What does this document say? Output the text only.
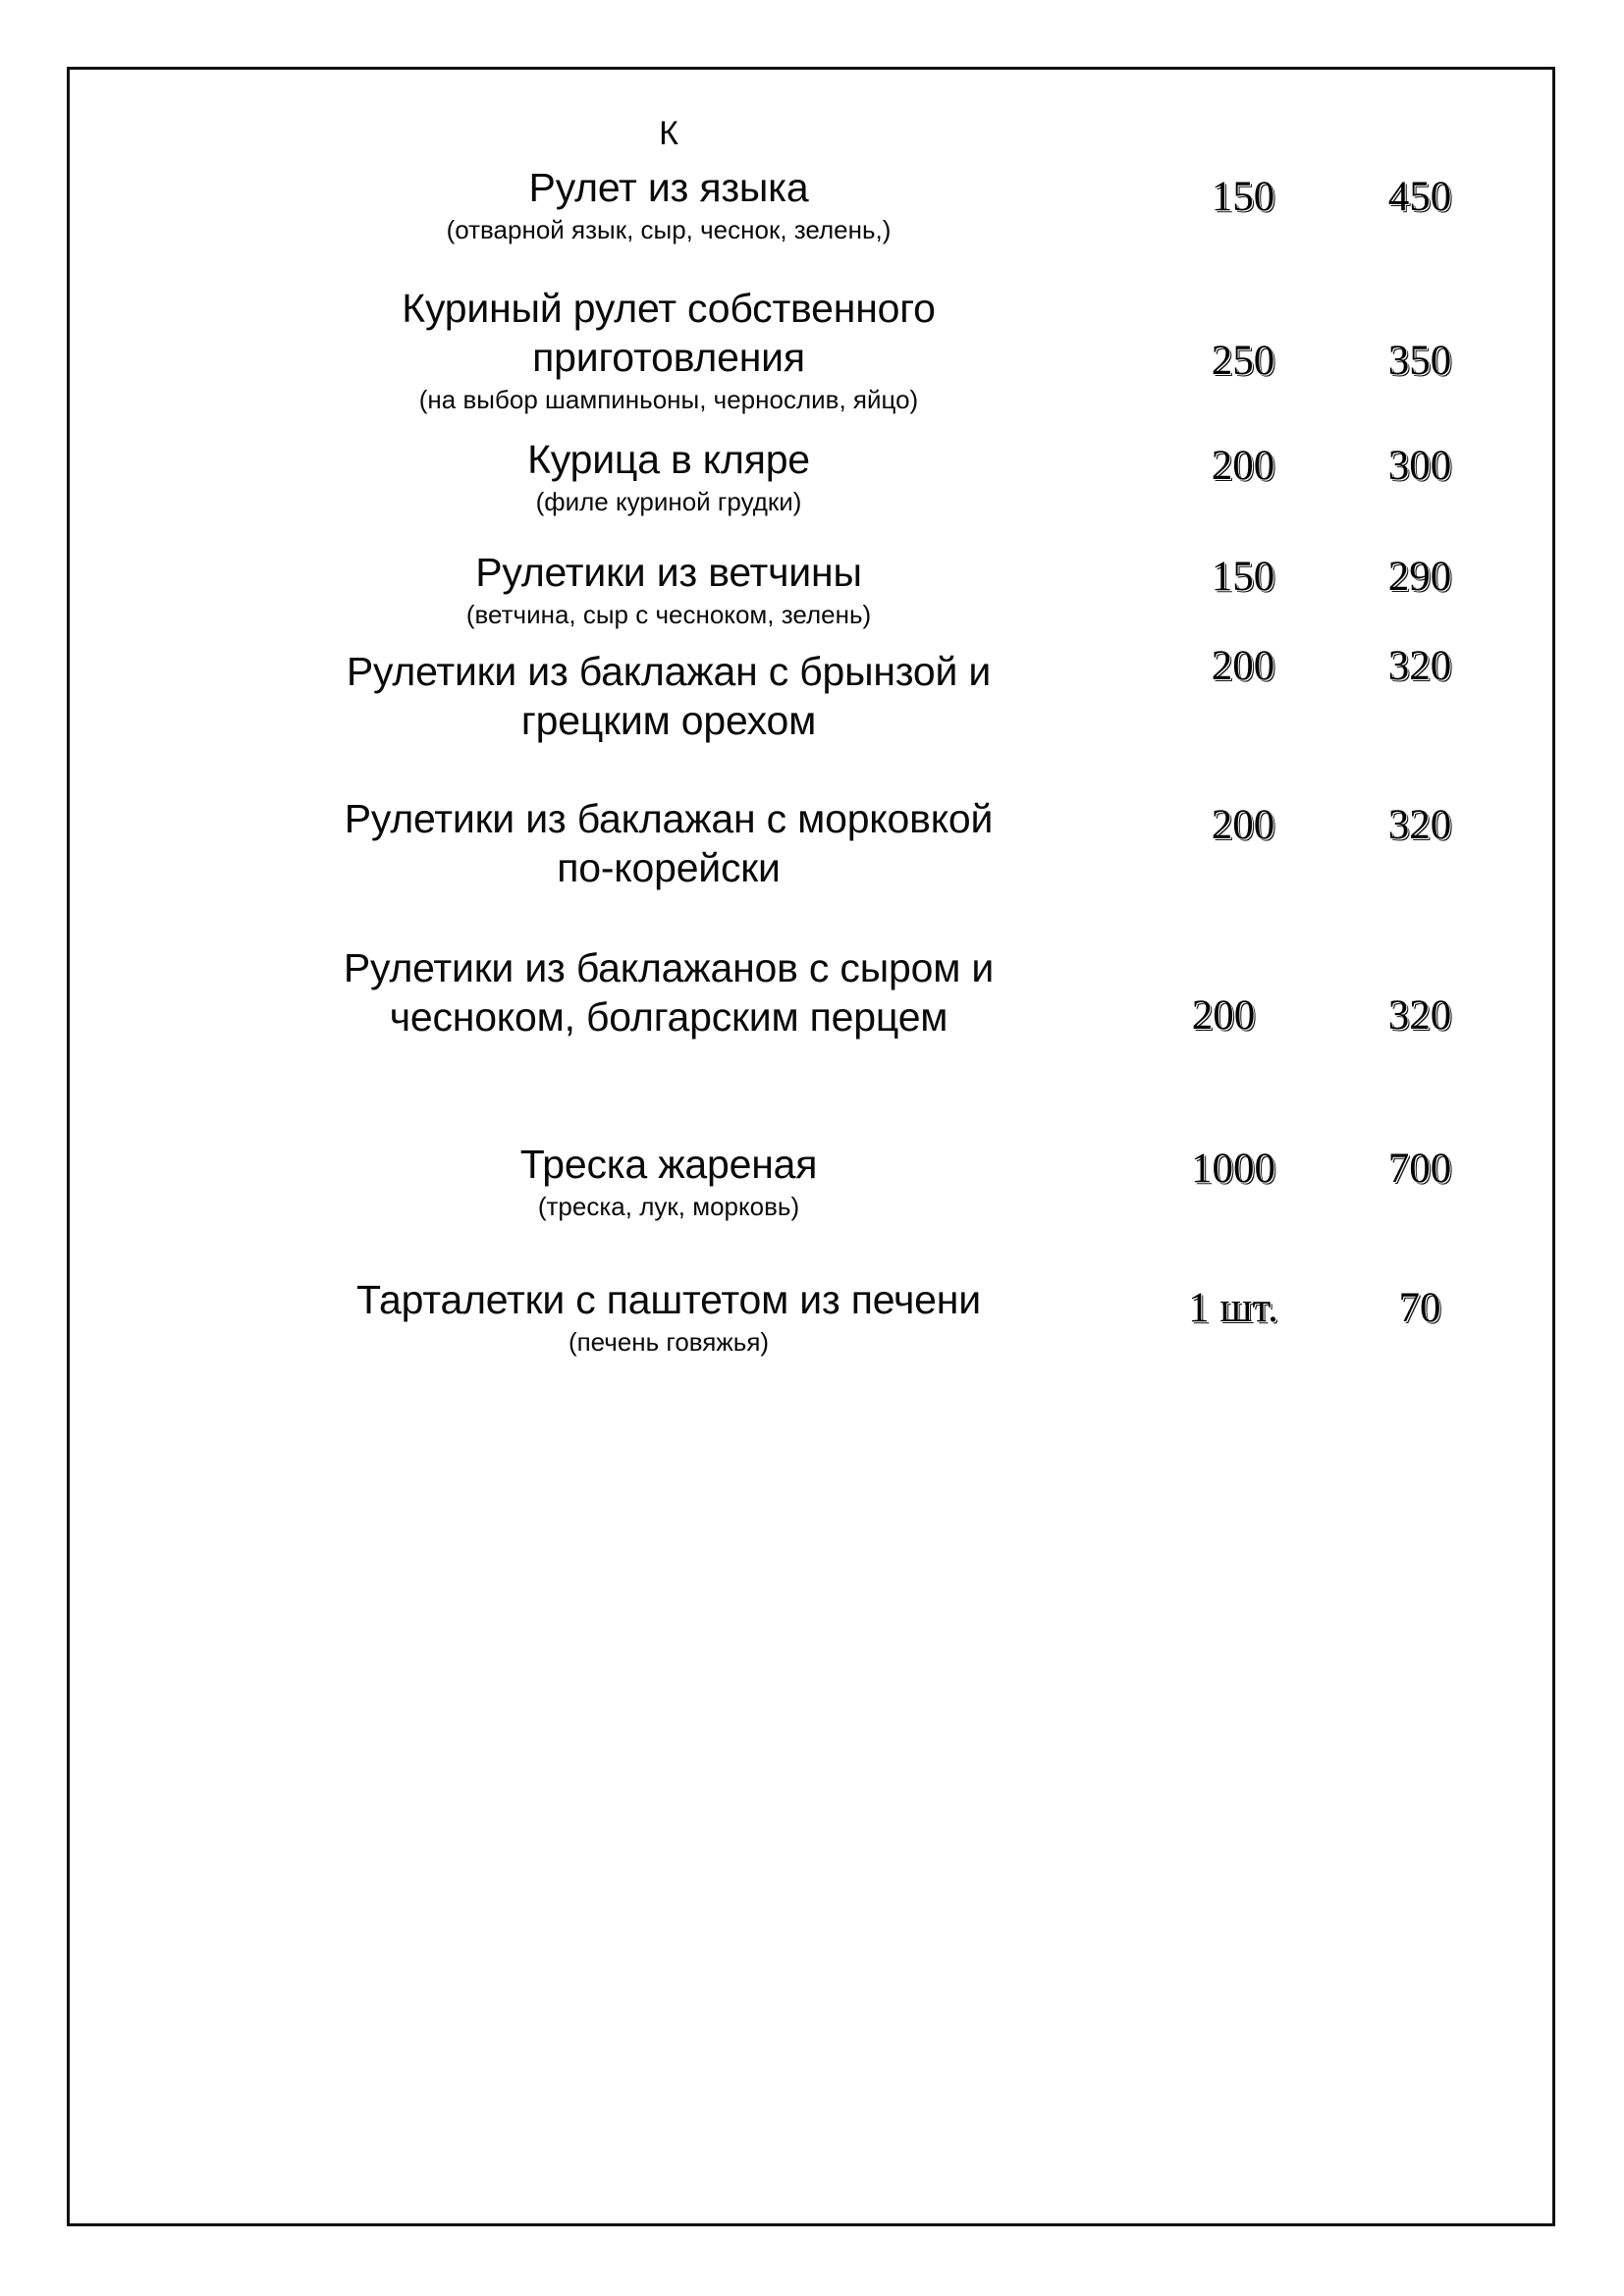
К
Рулет из языка
(отварной язык, сыр, чеснок, зелень,)
150	450
Куриный рулет собственного
приготовления
(на выбор шампиньоны, чернослив, яйцо)
250	350
Курица в кляре
(филе куриной грудки)
200	300
Рулетики из ветчины
(ветчина, сыр с чесноком, зелень)
150	290
Рулетики из баклажан с брынзой и
грецким орехом
200	320
Рулетики из баклажан с морковкой
по-корейски
200	320
Рулетики из баклажанов с сыром и
чесноком, болгарским перцем	200	320
Треска жареная
(треска, лук, морковь)
1000	700
Тарталетки с паштетом из печени
(печень говяжья)
1 шт.	70
